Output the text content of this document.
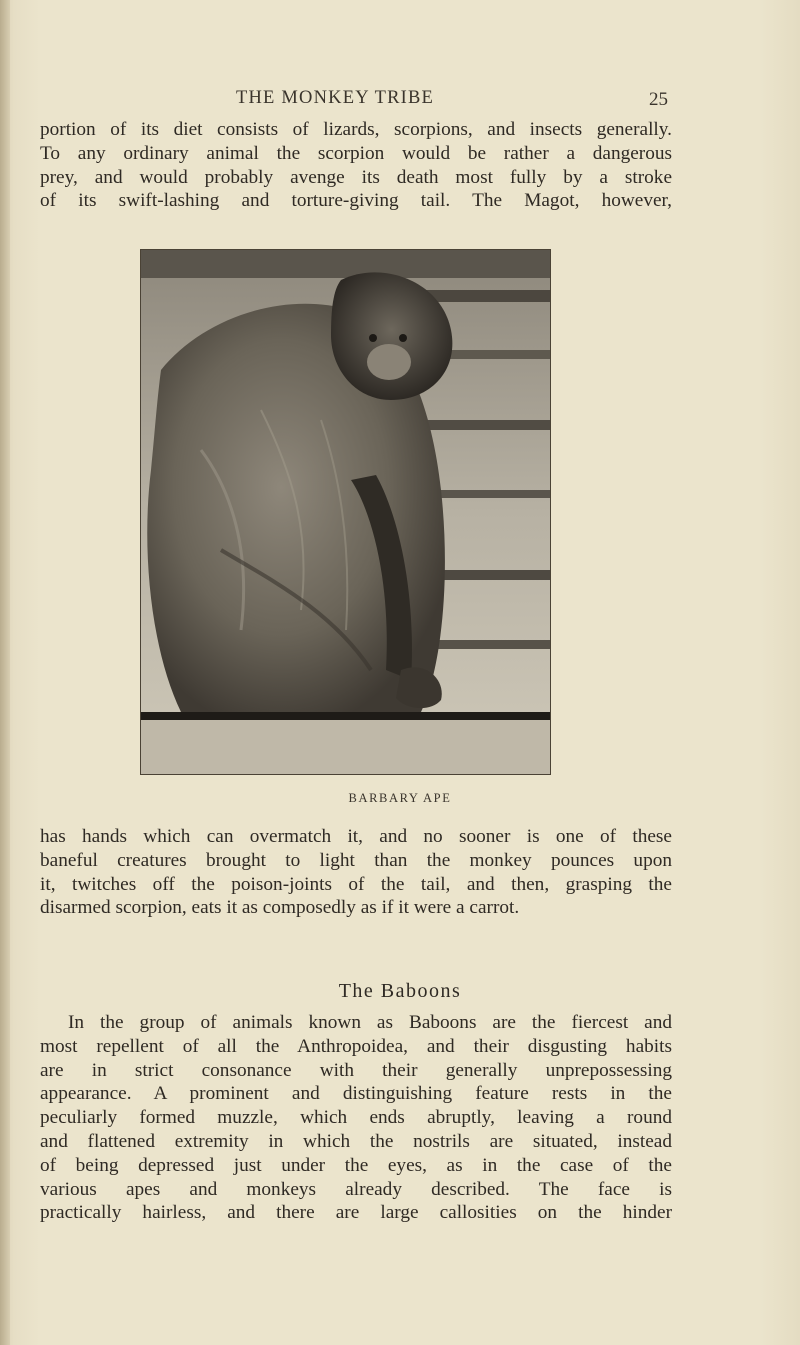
THE MONKEY TRIBE	25

portion of its diet consists of lizards, scorpions, and insects generally.
To any ordinary animal the scorpion would be rather a dangerous
prey, and would probably avenge its death most fully by a stroke
of its swift-lashing and torture-giving tail. The Magot, however,

BARBARY APE

has hands which can overmatch it, and no sooner is one of these
baneful creatures brought to light than the monkey pounces upon
it, twitches off the poison-joints of the tail, and then, grasping the
disarmed scorpion, eats it as composedly as if it were a carrot.

The Baboons

In the group of animals known as Baboons are the fiercest and
most repellent of all the Anthropoidea, and their disgusting habits
are in strict consonance with their generally unprepossessing
appearance. A prominent and distinguishing feature rests in the
peculiarly formed muzzle, which ends abruptly, leaving a round
and flattened extremity in which the nostrils are situated, instead
of being depressed just under the eyes, as in the case of the
various apes and monkeys already described. The face is
practically hairless, and there are large callosities on the hinder
